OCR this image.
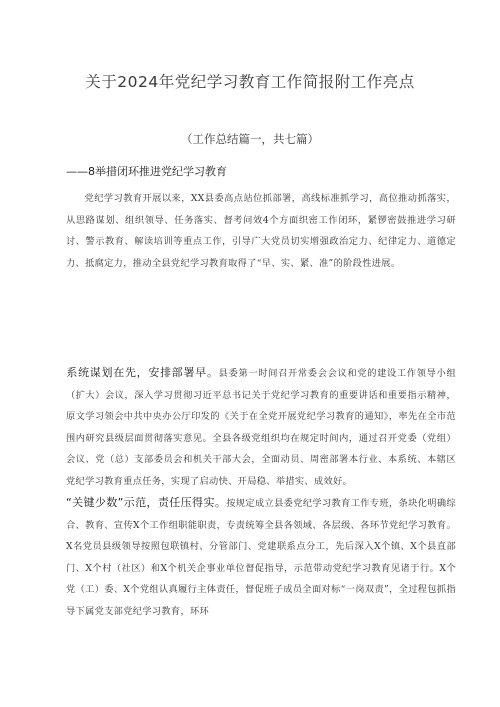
关于2024年党纪学习教育工作简报附工作亮点
（工作总结篇一，共七篇）
——8举措闭环推进党纪学习教育
党纪学习教育开展以来，XX县委高点站位抓部署，高线标准抓学习，高位推动抓落实，从思路谋划、组织领导、任务落实、督考问效4个方面织密工作闭环，紧锣密鼓推进学习研讨、警示教育、解读培训等重点工作，引导广大党员切实增强政治定力、纪律定力、道德定力、抵腐定力，推动全县党纪学习教育取得了“早、实、紧、准”的阶段性进展。
系统谋划在先，安排部署早。县委第一时间召开常委会会议和党的建设工作领导小组（扩大）会议，深入学习贯彻习近平总书记关于党纪学习教育的重要讲话和重要指示精神，原文学习领会中共中央办公厅印发的《关于在全党开展党纪学习教育的通知》，率先在全市范围内研究县级层面贯彻落实意见。全县各级党组织均在规定时间内，通过召开党委（党组）会议、党（总）支部委员会和机关干部大会，全面动员、周密部署本行业、本系统、本辖区党纪学习教育重点任务，实现了启动快、开局稳、举措实、成效好。
“关键少数”示范，责任压得实。按规定成立县委党纪学习教育工作专班，条块化明确综合、教育、宣传X个工作组职能职责，专责统筹全县各领域、各层级、各环节党纪学习教育。X名党员县级领导按照包联镇村、分管部门、党建联系点分工，先后深入X个镇、X个县直部门、X个村（社区）和X个机关企事业单位督促指导，示范带动党纪学习教育见诸于行。X个党（工）委、X个党组认真履行主体责任，督促班子成员全面对标“一岗双责”，全过程包抓指导下属党支部党纪学习教育，环环
